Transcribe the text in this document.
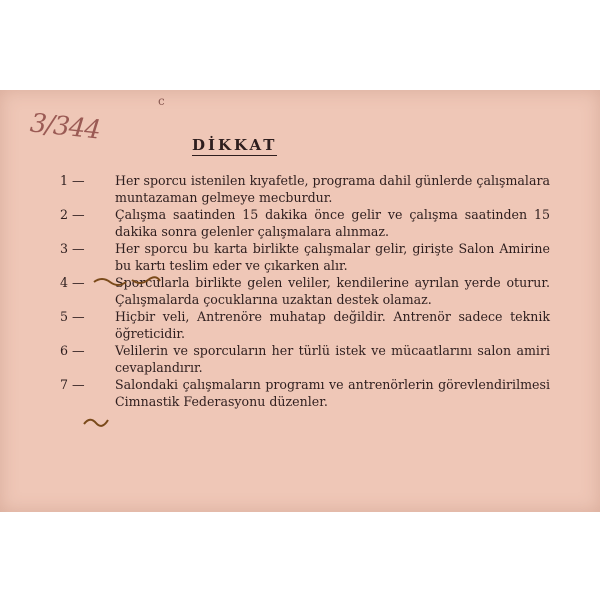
3/344
c
DİKKAT
1 —	Her sporcu istenilen kıyafetle, programa dahil günlerde çalışmalara muntazaman gelmeye mecburdur.
2 —	Çalışma saatinden 15 dakika önce gelir ve çalışma saatinden 15 dakika sonra gelenler çalışmalara alınmaz.
3 —	Her sporcu bu karta birlikte çalışmalar gelir, girişte Salon Amirine bu kartı teslim eder ve çıkarken alır.
4 —	Sporcularla birlikte gelen veliler, kendilerine ayrılan yerde oturur. Çalışmalarda çocuklarına uzaktan destek olamaz.
5 —	Hiçbir veli, Antrenöre muhatap değildir. Antrenör sadece teknik öğreticidir.
6 —	Velilerin ve sporcuların her türlü istek ve mücaatlarını salon amiri cevaplandırır.
7 —	Salondaki çalışmaların programı ve antrenörlerin görevlendirilmesi Cimnastik Federasyonu düzenler.
